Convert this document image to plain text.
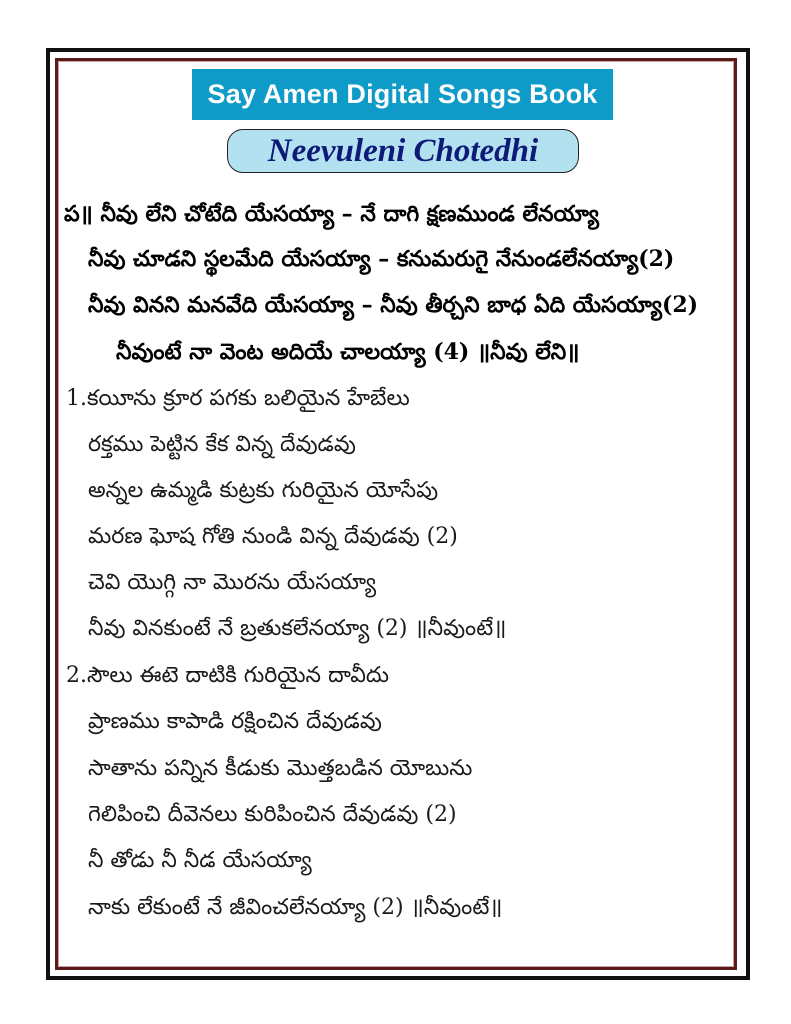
Say Amen Digital Songs Book
Neevuleni Chotedhi
ప॥ నీవు లేని చోటేది యేసయ్యా – నే దాగి క్షణముండ లేనయ్యా
నీవు చూడని స్థలమేది యేసయ్యా – కనుమరుగై నేనుండలేనయ్యా(2)
నీవు వినని మనవేది యేసయ్యా – నీవు తీర్చని బాధ ఏది యేసయ్యా(2)
నీవుంటే నా వెంట అదియే చాలయ్యా (4) ॥నీవు లేని॥
1.కయీను క్రూర పగకు బలియైన హేబేలు
రక్తము పెట్టిన కేక విన్న దేవుడవు
అన్నల ఉమ్మడి కుట్రకు గురియైన యోసేపు
మరణ ఘోష గోతి నుండి విన్న దేవుడవు (2)
చెవి యొగ్గి నా మొరను యేసయ్యా
నీవు వినకుంటే నే బ్రతుకలేనయ్యా (2) ॥నీవుంటే॥
2.సౌలు ఈటె దాటికి గురియైన దావీదు
ప్రాణము కాపాడి రక్షించిన దేవుడవు
సాతాను పన్నిన కీడుకు మొత్తబడిన యోబును
గెలిపించి దీవెనలు కురిపించిన దేవుడవు (2)
నీ తోడు నీ నీడ యేసయ్యా
నాకు లేకుంటే నే జీవించలేనయ్యా (2) ॥నీవుంటే॥
